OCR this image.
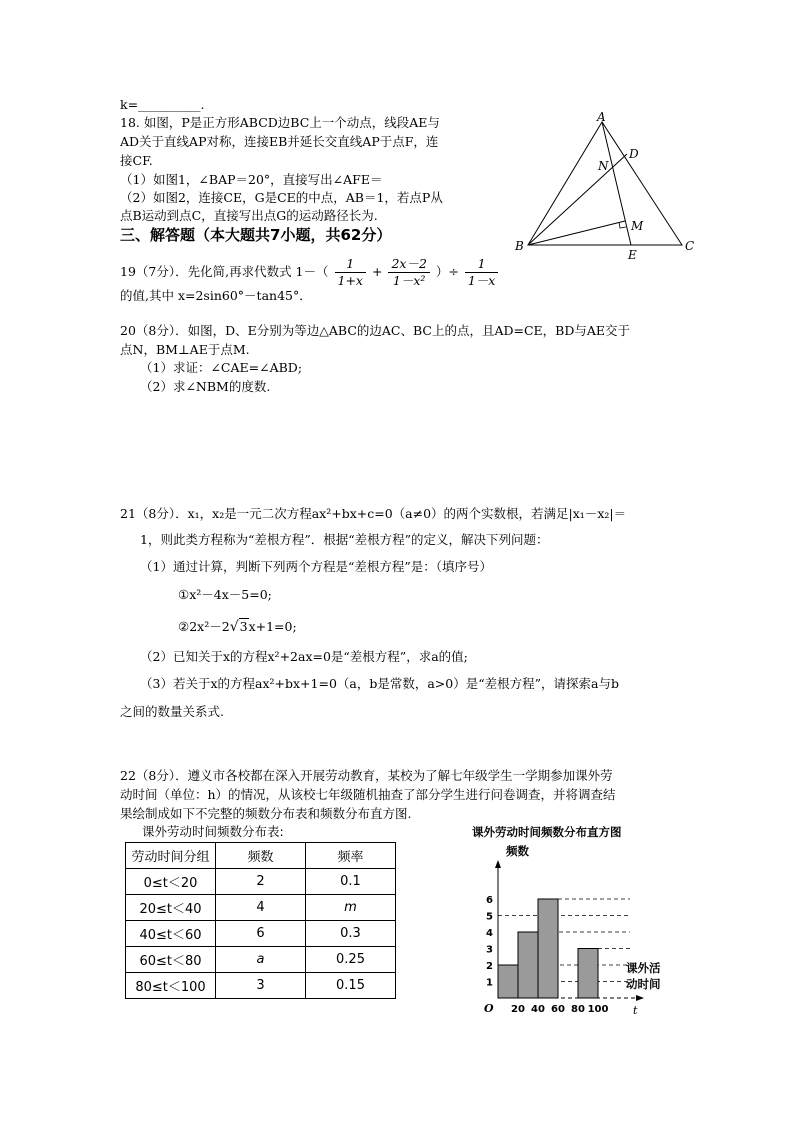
k=__________.
18. 如图，P是正方形ABCD边BC上一个动点，线段AE与
AD关于直线AP对称，连接EB并延长交直线AP于点F，连
接CF.
（1）如图1，∠BAP＝20°，直接写出∠AFE＝
（2）如图2，连接CE，G是CE的中点，AB＝1，若点P从
点B运动到点C，直接写出点G的运动路径长为.
A
B	C
D
E
M
N
三、解答题（本大题共7小题，共62分）
19（7分）．先化简,再求代数式 $1-( \frac{1}{1+x} + \frac{2x-2}{\text{1－x²}}$ ）÷ $\frac{1}{1-x}$
的值,其中 x=2sin60°－tan45°．
20（8分）．如图，D、E分别为等边△ABC的边AC、BC上的点，且AD=CE，BD与AE交于
点N，BM⊥AE于点M.
（1）求证：∠CAE=∠ABD;
（2）求∠NBM的度数.
21（8分）．x₁，x₂是一元二次方程ax²+bx+c=0（a≠0）的两个实数根，若满足|x₁－x₂|＝
1，则此类方程称为“差根方程”．根据“差根方程”的定义，解决下列问题：
（1）通过计算，判断下列两个方程是“差根方程”是：（填序号）
①x²－4x－5=0;
②2x²－2√3x+1=0;
（2）已知关于x的方程x²+2ax=0是“差根方程”，求a的值;
（3）若关于x的方程ax²+bx+1=0（a，b是常数，a>0）是“差根方程”，请探索a与b
之间的数量关系式.
22（8分）．遵义市各校都在深入开展劳动教育，某校为了解七年级学生一学期参加课外劳
动时间（单位：h）的情况，从该校七年级随机抽查了部分学生进行问卷调查，并将调查结
果绘制成如下不完整的频数分布表和频数分布直方图.
课外劳动时间频数分布表:
劳动时间分组	频数	频率
0≤t＜20	2	0.1
20≤t＜40	4	m
40≤t＜60	6	0.3
60≤t＜80	a	0.25
80≤t＜100	3	0.15
课外劳动时间频数分布直方图
频数
1
2
3
4
5
6
20 40 60 80 100
O	t
课外活
动时间
